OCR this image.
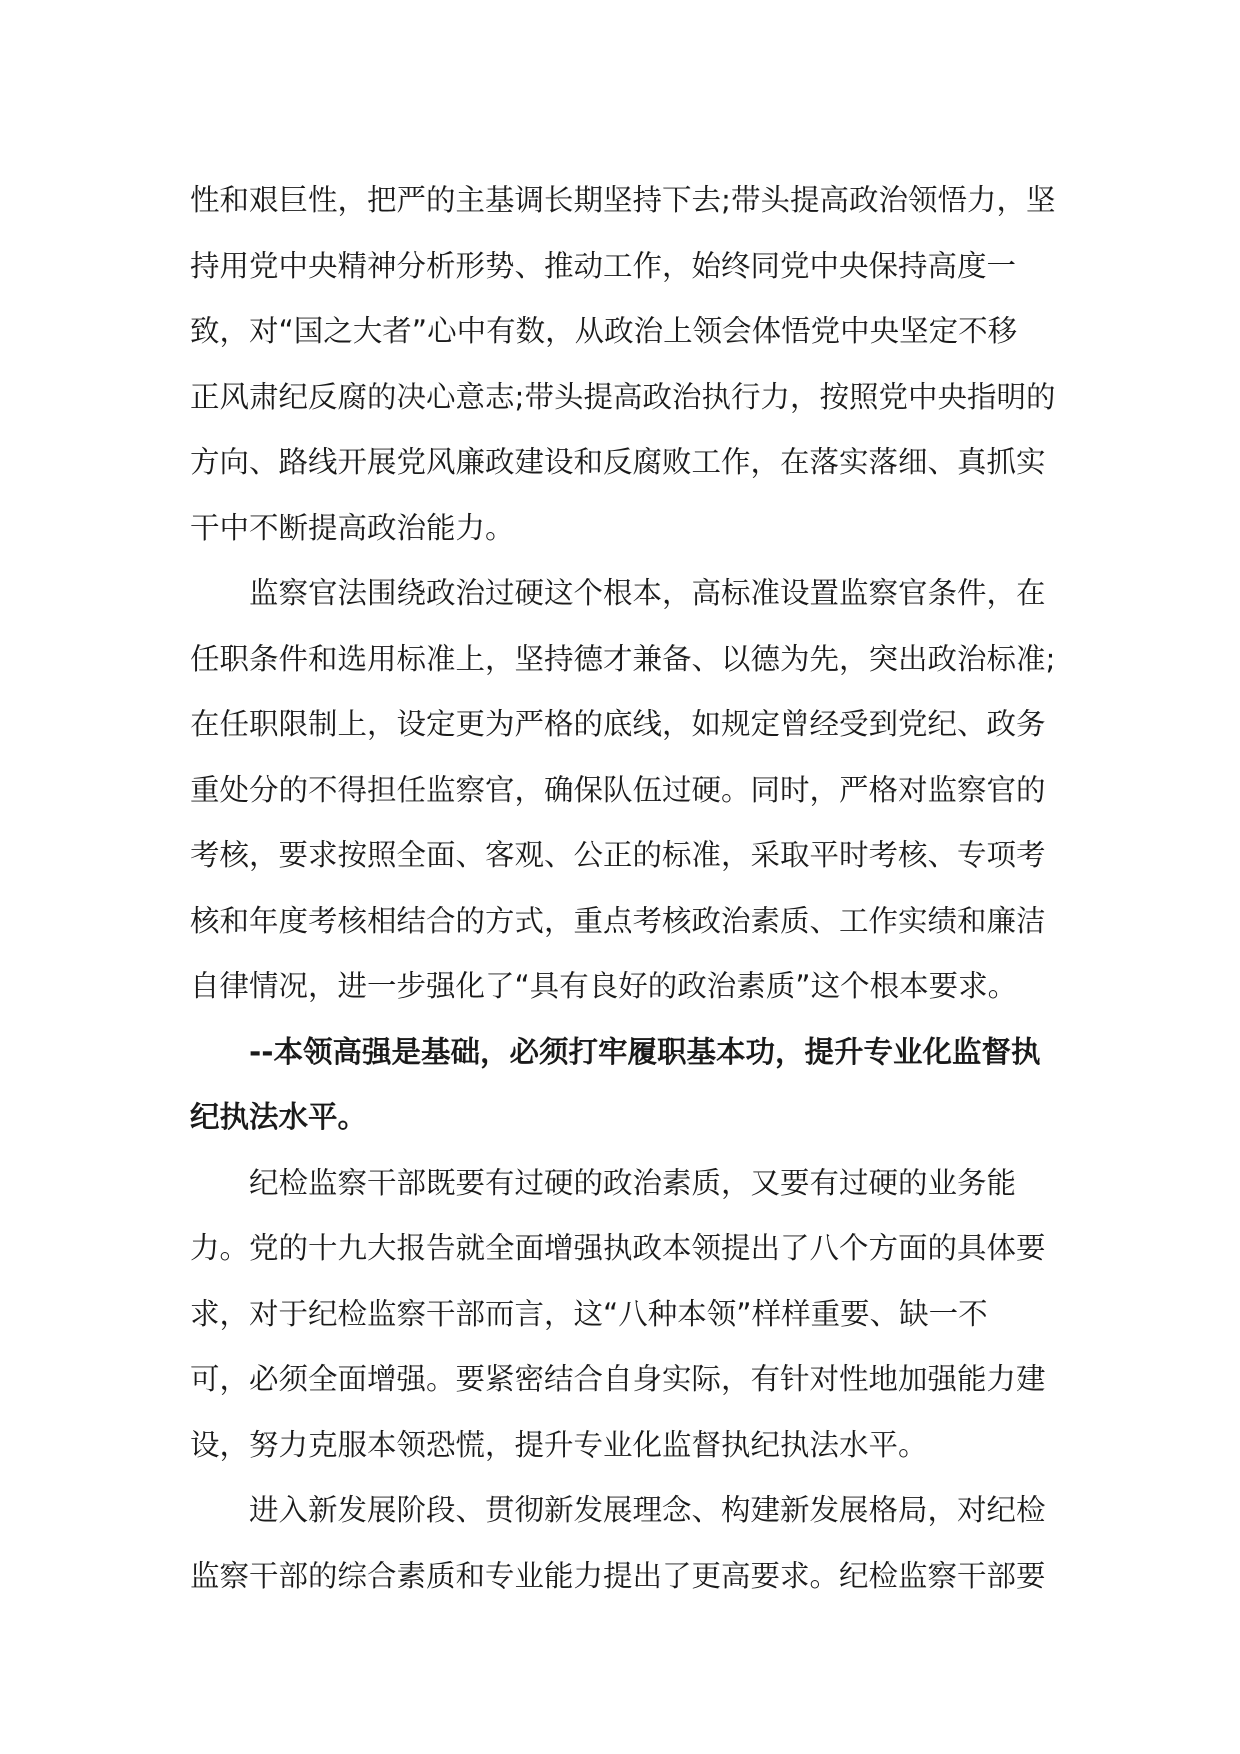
性和艰巨性，把严的主基调长期坚持下去;带头提高政治领悟力，坚
持用党中央精神分析形势、推动工作，始终同党中央保持高度一
致，对“国之大者”心中有数，从政治上领会体悟党中央坚定不移
正风肃纪反腐的决心意志;带头提高政治执行力，按照党中央指明的
方向、路线开展党风廉政建设和反腐败工作，在落实落细、真抓实
干中不断提高政治能力。
监察官法围绕政治过硬这个根本，高标准设置监察官条件，在
任职条件和选用标准上，坚持德才兼备、以德为先，突出政治标准;
在任职限制上，设定更为严格的底线，如规定曾经受到党纪、政务
重处分的不得担任监察官，确保队伍过硬。同时，严格对监察官的
考核，要求按照全面、客观、公正的标准，采取平时考核、专项考
核和年度考核相结合的方式，重点考核政治素质、工作实绩和廉洁
自律情况，进一步强化了“具有良好的政治素质”这个根本要求。
--本领高强是基础，必须打牢履职基本功，提升专业化监督执
纪执法水平。
纪检监察干部既要有过硬的政治素质，又要有过硬的业务能
力。党的十九大报告就全面增强执政本领提出了八个方面的具体要
求，对于纪检监察干部而言，这“八种本领”样样重要、缺一不
可，必须全面增强。要紧密结合自身实际，有针对性地加强能力建
设，努力克服本领恐慌，提升专业化监督执纪执法水平。
进入新发展阶段、贯彻新发展理念、构建新发展格局，对纪检
监察干部的综合素质和专业能力提出了更高要求。纪检监察干部要
